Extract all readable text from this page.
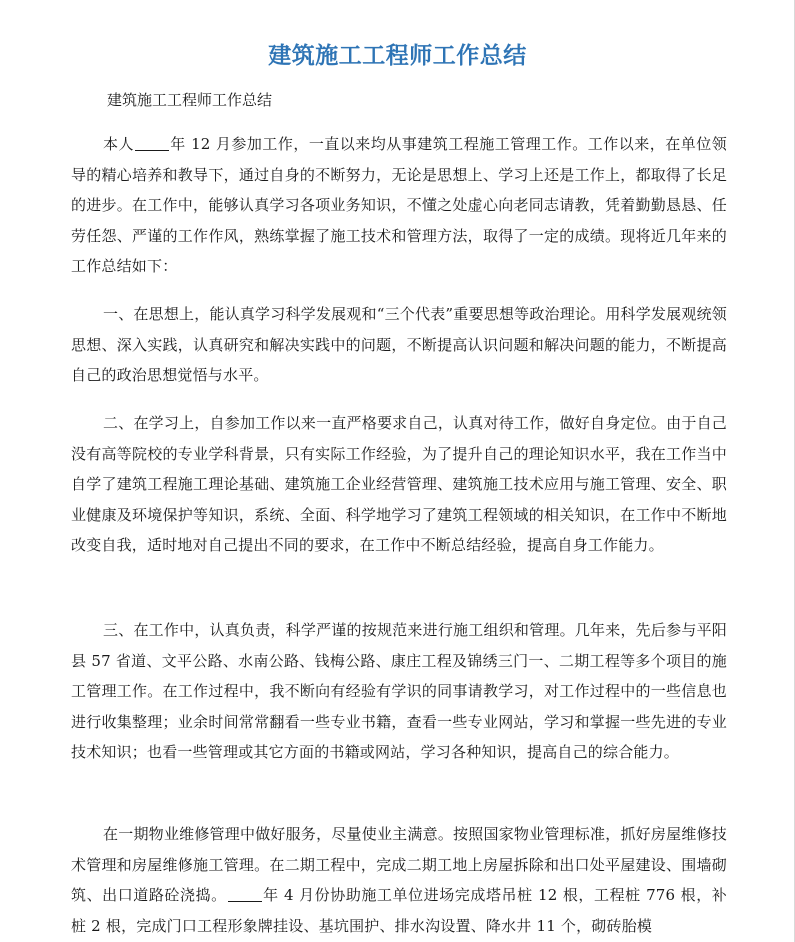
建筑施工工程师工作总结

建筑施工工程师工作总结

本人 年 12 月参加工作，一直以来均从事建筑工程施工管理工作。工作以来，在单位领导的精心培养和教导下，通过自身的不断努力，无论是思想上、学习上还是工作上，都取得了长足的进步。在工作中，能够认真学习各项业务知识，不懂之处虚心向老同志请教，凭着勤勤恳恳、任劳任怨、严谨的工作作风，熟练掌握了施工技术和管理方法，取得了一定的成绩。现将近几年来的工作总结如下：

一、在思想上，能认真学习科学发展观和“三个代表”重要思想等政治理论。用科学发展观统领思想、深入实践，认真研究和解决实践中的问题，不断提高认识问题和解决问题的能力，不断提高自己的政治思想觉悟与水平。

二、在学习上，自参加工作以来一直严格要求自己，认真对待工作，做好自身定位。由于自己没有高等院校的专业学科背景，只有实际工作经验，为了提升自己的理论知识水平，我在工作当中自学了建筑工程施工理论基础、建筑施工企业经营管理、建筑施工技术应用与施工管理、安全、职业健康及环境保护等知识，系统、全面、科学地学习了建筑工程领域的相关知识，在工作中不断地改变自我，适时地对自己提出不同的要求，在工作中不断总结经验，提高自身工作能力。

三、在工作中，认真负责，科学严谨的按规范来进行施工组织和管理。几年来，先后参与平阳县 57 省道、文平公路、水南公路、钱梅公路、康庄工程及锦绣三门一、二期工程等多个项目的施工管理工作。在工作过程中，我不断向有经验有学识的同事请教学习，对工作过程中的一些信息也进行收集整理；业余时间常常翻看一些专业书籍，查看一些专业网站，学习和掌握一些先进的专业技术知识；也看一些管理或其它方面的书籍或网站，学习各种知识，提高自己的综合能力。

在一期物业维修管理中做好服务，尽量使业主满意。按照国家物业管理标准，抓好房屋维修技术管理和房屋维修施工管理。在二期工程中，完成二期工地上房屋拆除和出口处平屋建设、围墙砌筑、出口道路砼浇捣。 年 4 月份协助施工单位进场完成塔吊桩 12 根，工程桩 776 根，补桩 2 根，完成门口工程形象牌挂设、基坑围护、排水沟设置、降水井 11 个，砌砖胎模
